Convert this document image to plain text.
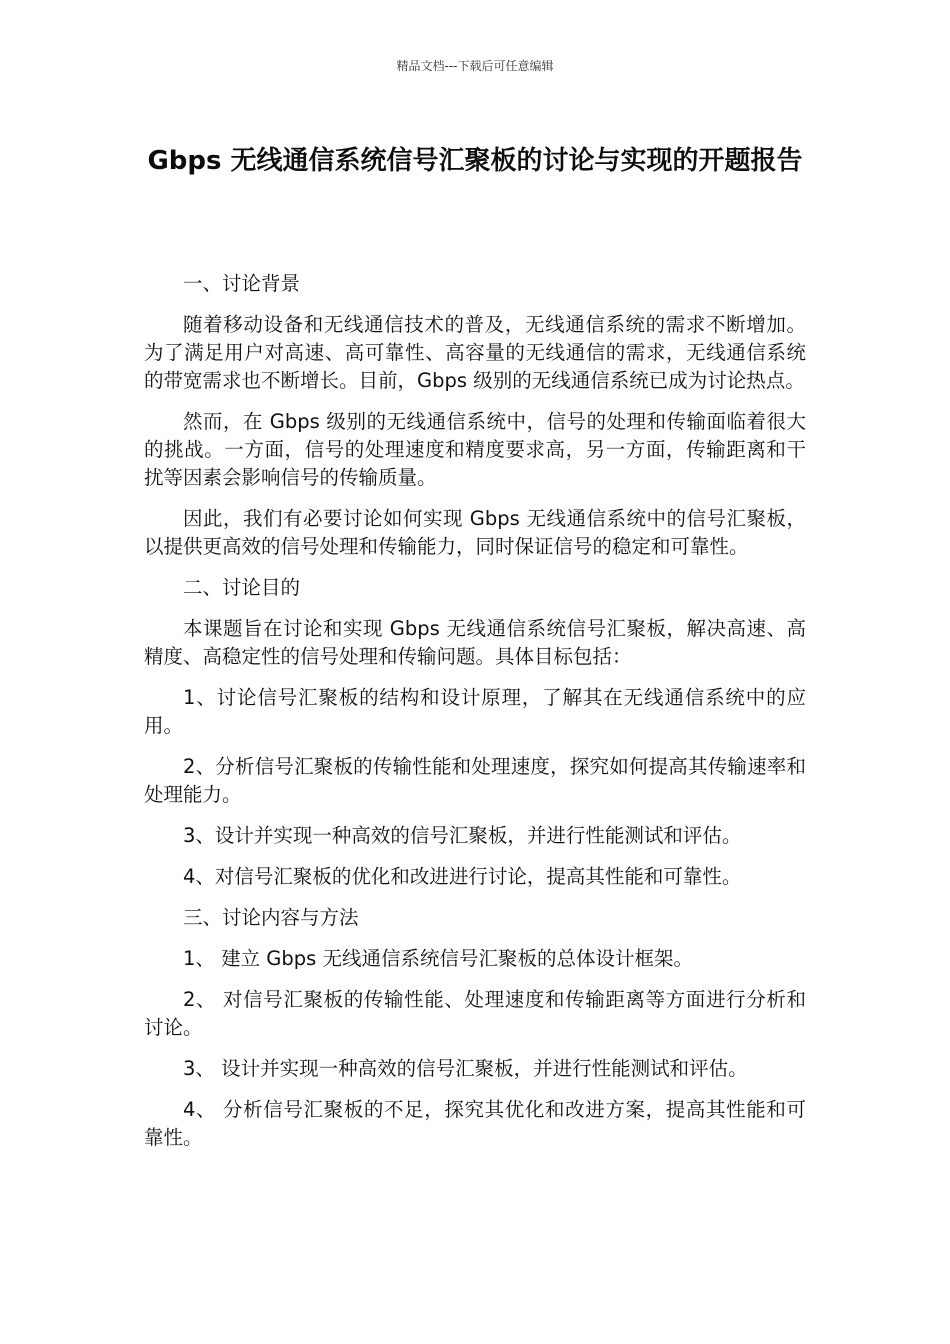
精品文档---下载后可任意编辑
Gbps 无线通信系统信号汇聚板的讨论与实现的开题报告

一、讨论背景

随着移动设备和无线通信技术的普及，无线通信系统的需求不断增加。为了满足用户对高速、高可靠性、高容量的无线通信的需求，无线通信系统的带宽需求也不断增长。目前，Gbps 级别的无线通信系统已成为讨论热点。

然而，在 Gbps 级别的无线通信系统中，信号的处理和传输面临着很大的挑战。一方面，信号的处理速度和精度要求高，另一方面，传输距离和干扰等因素会影响信号的传输质量。

因此，我们有必要讨论如何实现 Gbps 无线通信系统中的信号汇聚板，以提供更高效的信号处理和传输能力，同时保证信号的稳定和可靠性。

二、讨论目的

本课题旨在讨论和实现 Gbps 无线通信系统信号汇聚板，解决高速、高精度、高稳定性的信号处理和传输问题。具体目标包括：

1、讨论信号汇聚板的结构和设计原理，了解其在无线通信系统中的应用。

2、分析信号汇聚板的传输性能和处理速度，探究如何提高其传输速率和处理能力。

3、设计并实现一种高效的信号汇聚板，并进行性能测试和评估。

4、对信号汇聚板的优化和改进进行讨论，提高其性能和可靠性。

三、讨论内容与方法

1、 建立 Gbps 无线通信系统信号汇聚板的总体设计框架。

2、 对信号汇聚板的传输性能、处理速度和传输距离等方面进行分析和讨论。

3、 设计并实现一种高效的信号汇聚板，并进行性能测试和评估。

4、 分析信号汇聚板的不足，探究其优化和改进方案，提高其性能和可靠性。
